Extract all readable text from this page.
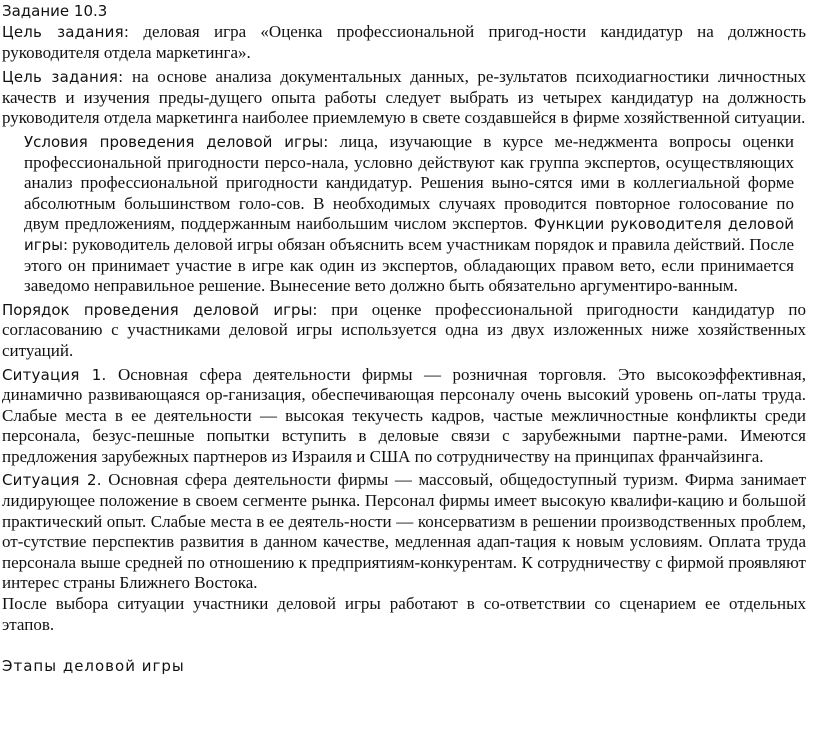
Задание 10.3

Цель задания: деловая игра «Оценка профессиональной пригод-ности кандидатур на должность руководителя отдела маркетинга».

Цель задания: на основе анализа документальных данных, ре-зультатов психодиагностики личностных качеств и изучения преды-дущего опыта работы следует выбрать из четырех кандидатур на должность руководителя отдела маркетинга наиболее приемлемую в свете создавшейся в фирме хозяйственной ситуации.

Условия проведения деловой игры: лица, изучающие в курсе ме-неджмента вопросы оценки профессиональной пригодности персо-нала, условно действуют как группа экспертов, осуществляющих анализ профессиональной пригодности кандидатур. Решения выно-сятся ими в коллегиальной форме абсолютным большинством голо-сов. В необходимых случаях проводится повторное голосование по двум предложениям, поддержанным наибольшим числом экспертов. Функции руководителя деловой игры: руководитель деловой игры обязан объяснить всем участникам порядок и правила действий. После этого он принимает участие в игре как один из экспертов, обладающих правом вето, если принимается заведомо неправильное решение. Вынесение вето должно быть обязательно аргументиро-ванным.

Порядок проведения деловой игры: при оценке профессиональной пригодности кандидатур по согласованию с участниками деловой игры используется одна из двух изложенных ниже хозяйственных ситуаций.

Ситуация 1. Основная сфера деятельности фирмы — розничная торговля. Это высокоэффективная, динамично развивающаяся ор-ганизация, обеспечивающая персоналу очень высокий уровень оп-латы труда. Слабые места в ее деятельности — высокая текучесть кадров, частые межличностные конфликты среди персонала, безус-пешные попытки вступить в деловые связи с зарубежными партне-рами. Имеются предложения зарубежных партнеров из Израиля и США по сотрудничеству на принципах франчайзинга.

Ситуация 2. Основная сфера деятельности фирмы — массовый, общедоступный туризм. Фирма занимает лидирующее положение в своем сегменте рынка. Персонал фирмы имеет высокую квалифи-кацию и большой практический опыт. Слабые места в ее деятель-ности — консерватизм в решении производственных проблем, от-сутствие перспектив развития в данном качестве, медленная адап-тация к новым условиям. Оплата труда персонала выше средней по отношению к предприятиям-конкурентам. К сотрудничеству с фирмой проявляют интерес страны Ближнего Востока.

После выбора ситуации участники деловой игры работают в со-ответствии со сценарием ее отдельных этапов.

Этапы деловой игры
